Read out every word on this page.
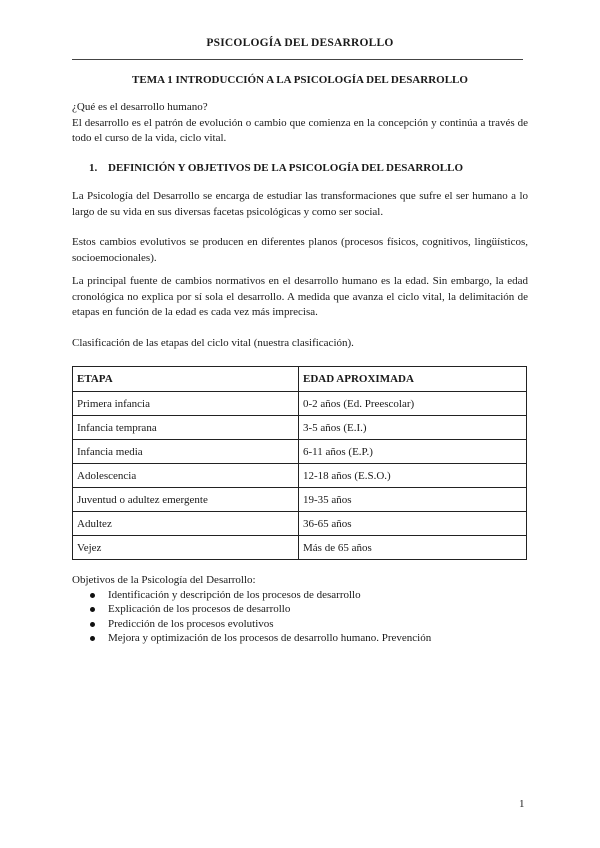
PSICOLOGÍA DEL DESARROLLO
TEMA 1 INTRODUCCIÓN A LA PSICOLOGÍA DEL DESARROLLO
¿Qué es el desarrollo humano?
El desarrollo es el patrón de evolución o cambio que comienza en la concepción y continúa a través de todo el curso de la vida, ciclo vital.
1. DEFINICIÓN Y OBJETIVOS DE LA PSICOLOGÍA DEL DESARROLLO
La Psicología del Desarrollo se encarga de estudiar las transformaciones que sufre el ser humano a lo largo de su vida en sus diversas facetas psicológicas y como ser social.
Estos cambios evolutivos se producen en diferentes planos (procesos físicos, cognitivos, lingüísticos, socioemocionales).
La principal fuente de cambios normativos en el desarrollo humano es la edad. Sin embargo, la edad cronológica no explica por sí sola el desarrollo. A medida que avanza el ciclo vital, la delimitación de etapas en función de la edad es cada vez más imprecisa.
Clasificación de las etapas del ciclo vital (nuestra clasificación).
ETAPA	EDAD APROXIMADA
Primera infancia	0-2 años (Ed. Preescolar)
Infancia temprana	3-5 años (E.I.)
Infancia media	6-11 años (E.P.)
Adolescencia	12-18 años (E.S.O.)
Juventud o adultez emergente	19-35 años
Adultez	36-65 años
Vejez	Más de 65 años
Objetivos de la Psicología del Desarrollo:
Identificación y descripción de los procesos de desarrollo
Explicación de los procesos de desarrollo
Predicción de los procesos evolutivos
Mejora y optimización de los procesos de desarrollo humano. Prevención
1
